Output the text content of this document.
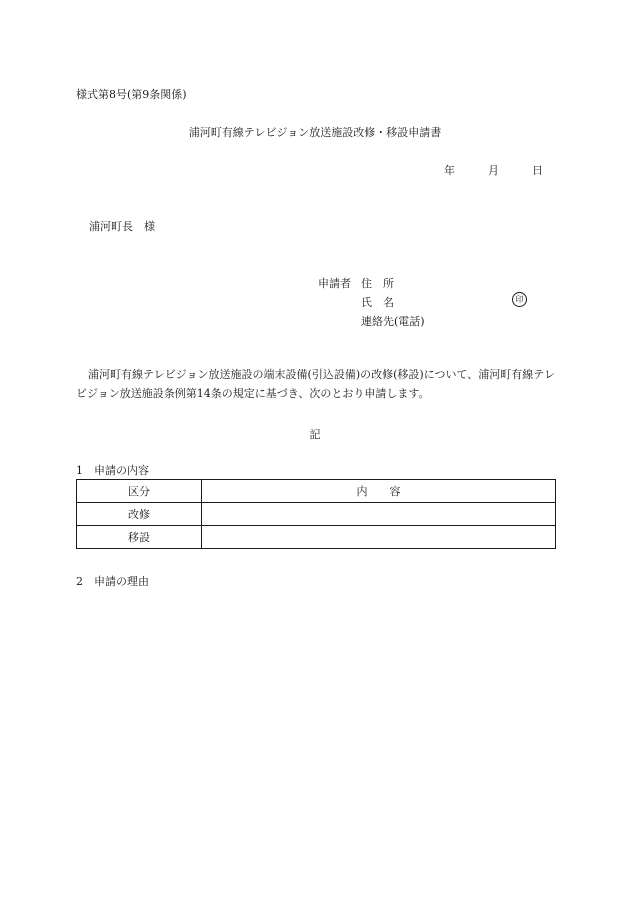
様式第8号(第9条関係)
浦河町有線テレビジョン放送施設改修・移設申請書
年	月	日
浦河町長　様
申請者 住　所
氏　名	印
連絡先(電話)
浦河町有線テレビジョン放送施設の端末設備(引込設備)の改修(移設)について、浦河町有線テレビジョン放送施設条例第14条の規定に基づき、次のとおり申請します。
記
1　申請の内容
区分	内　　容
改修	
移設	
2　申請の理由
